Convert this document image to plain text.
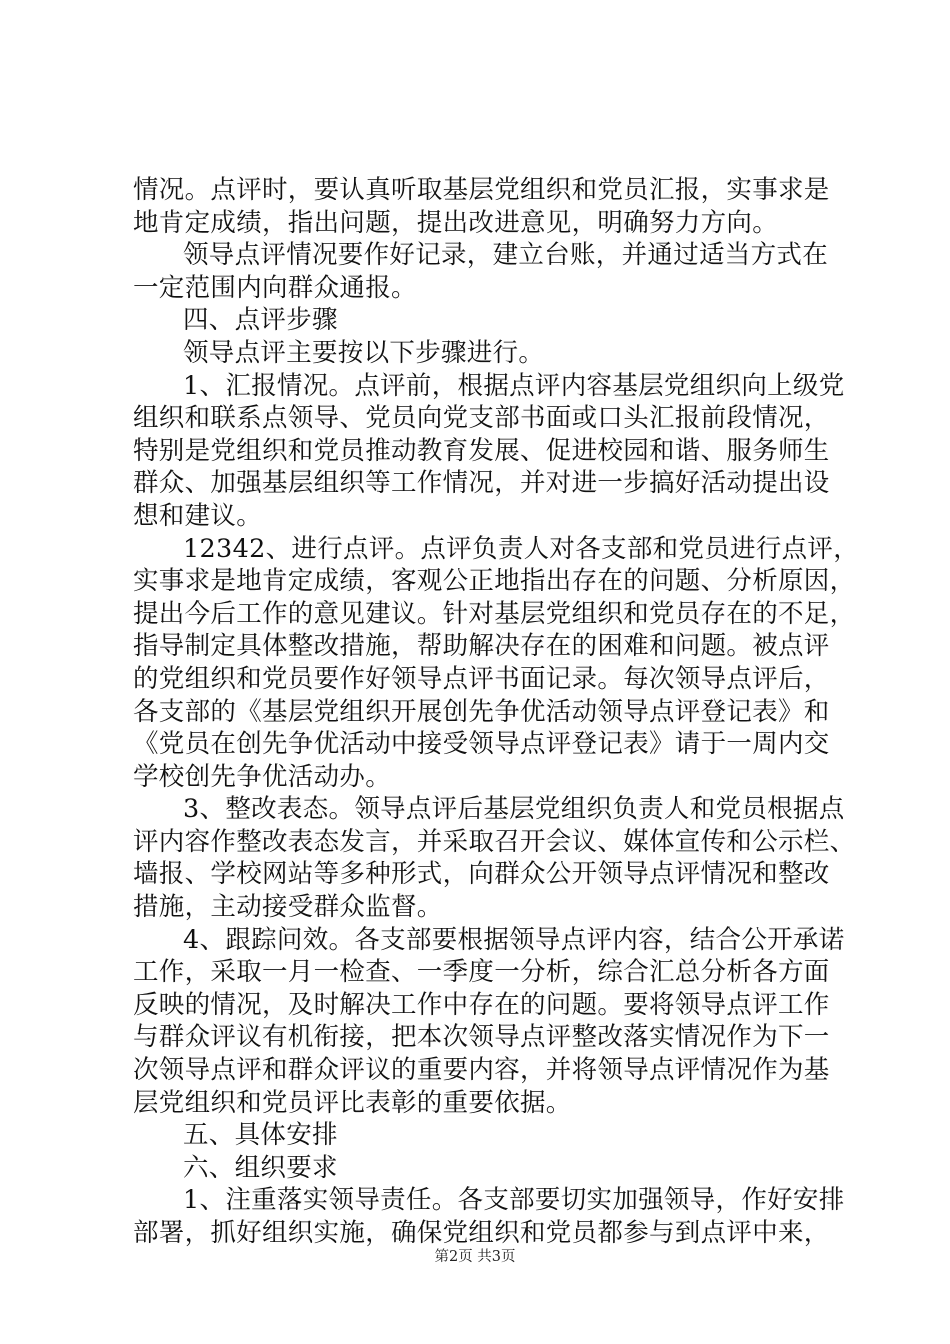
情况。点评时，要认真听取基层党组织和党员汇报，实事求是
地肯定成绩，指出问题，提出改进意见，明确努力方向。
领导点评情况要作好记录，建立台账，并通过适当方式在
一定范围内向群众通报。
四、点评步骤
领导点评主要按以下步骤进行。
1、汇报情况。点评前，根据点评内容基层党组织向上级党
组织和联系点领导、党员向党支部书面或口头汇报前段情况，
特别是党组织和党员推动教育发展、促进校园和谐、服务师生
群众、加强基层组织等工作情况，并对进一步搞好活动提出设
想和建议。
12342、进行点评。点评负责人对各支部和党员进行点评，
实事求是地肯定成绩，客观公正地指出存在的问题、分析原因，
提出今后工作的意见建议。针对基层党组织和党员存在的不足，
指导制定具体整改措施，帮助解决存在的困难和问题。被点评
的党组织和党员要作好领导点评书面记录。每次领导点评后，
各支部的《基层党组织开展创先争优活动领导点评登记表》和
《党员在创先争优活动中接受领导点评登记表》请于一周内交
学校创先争优活动办。
3、整改表态。领导点评后基层党组织负责人和党员根据点
评内容作整改表态发言，并采取召开会议、媒体宣传和公示栏、
墙报、学校网站等多种形式，向群众公开领导点评情况和整改
措施，主动接受群众监督。
4、跟踪问效。各支部要根据领导点评内容，结合公开承诺
工作，采取一月一检查、一季度一分析，综合汇总分析各方面
反映的情况，及时解决工作中存在的问题。要将领导点评工作
与群众评议有机衔接，把本次领导点评整改落实情况作为下一
次领导点评和群众评议的重要内容，并将领导点评情况作为基
层党组织和党员评比表彰的重要依据。
五、具体安排
六、组织要求
1、注重落实领导责任。各支部要切实加强领导，作好安排
部署，抓好组织实施，确保党组织和党员都参与到点评中来，
第2页 共3页
